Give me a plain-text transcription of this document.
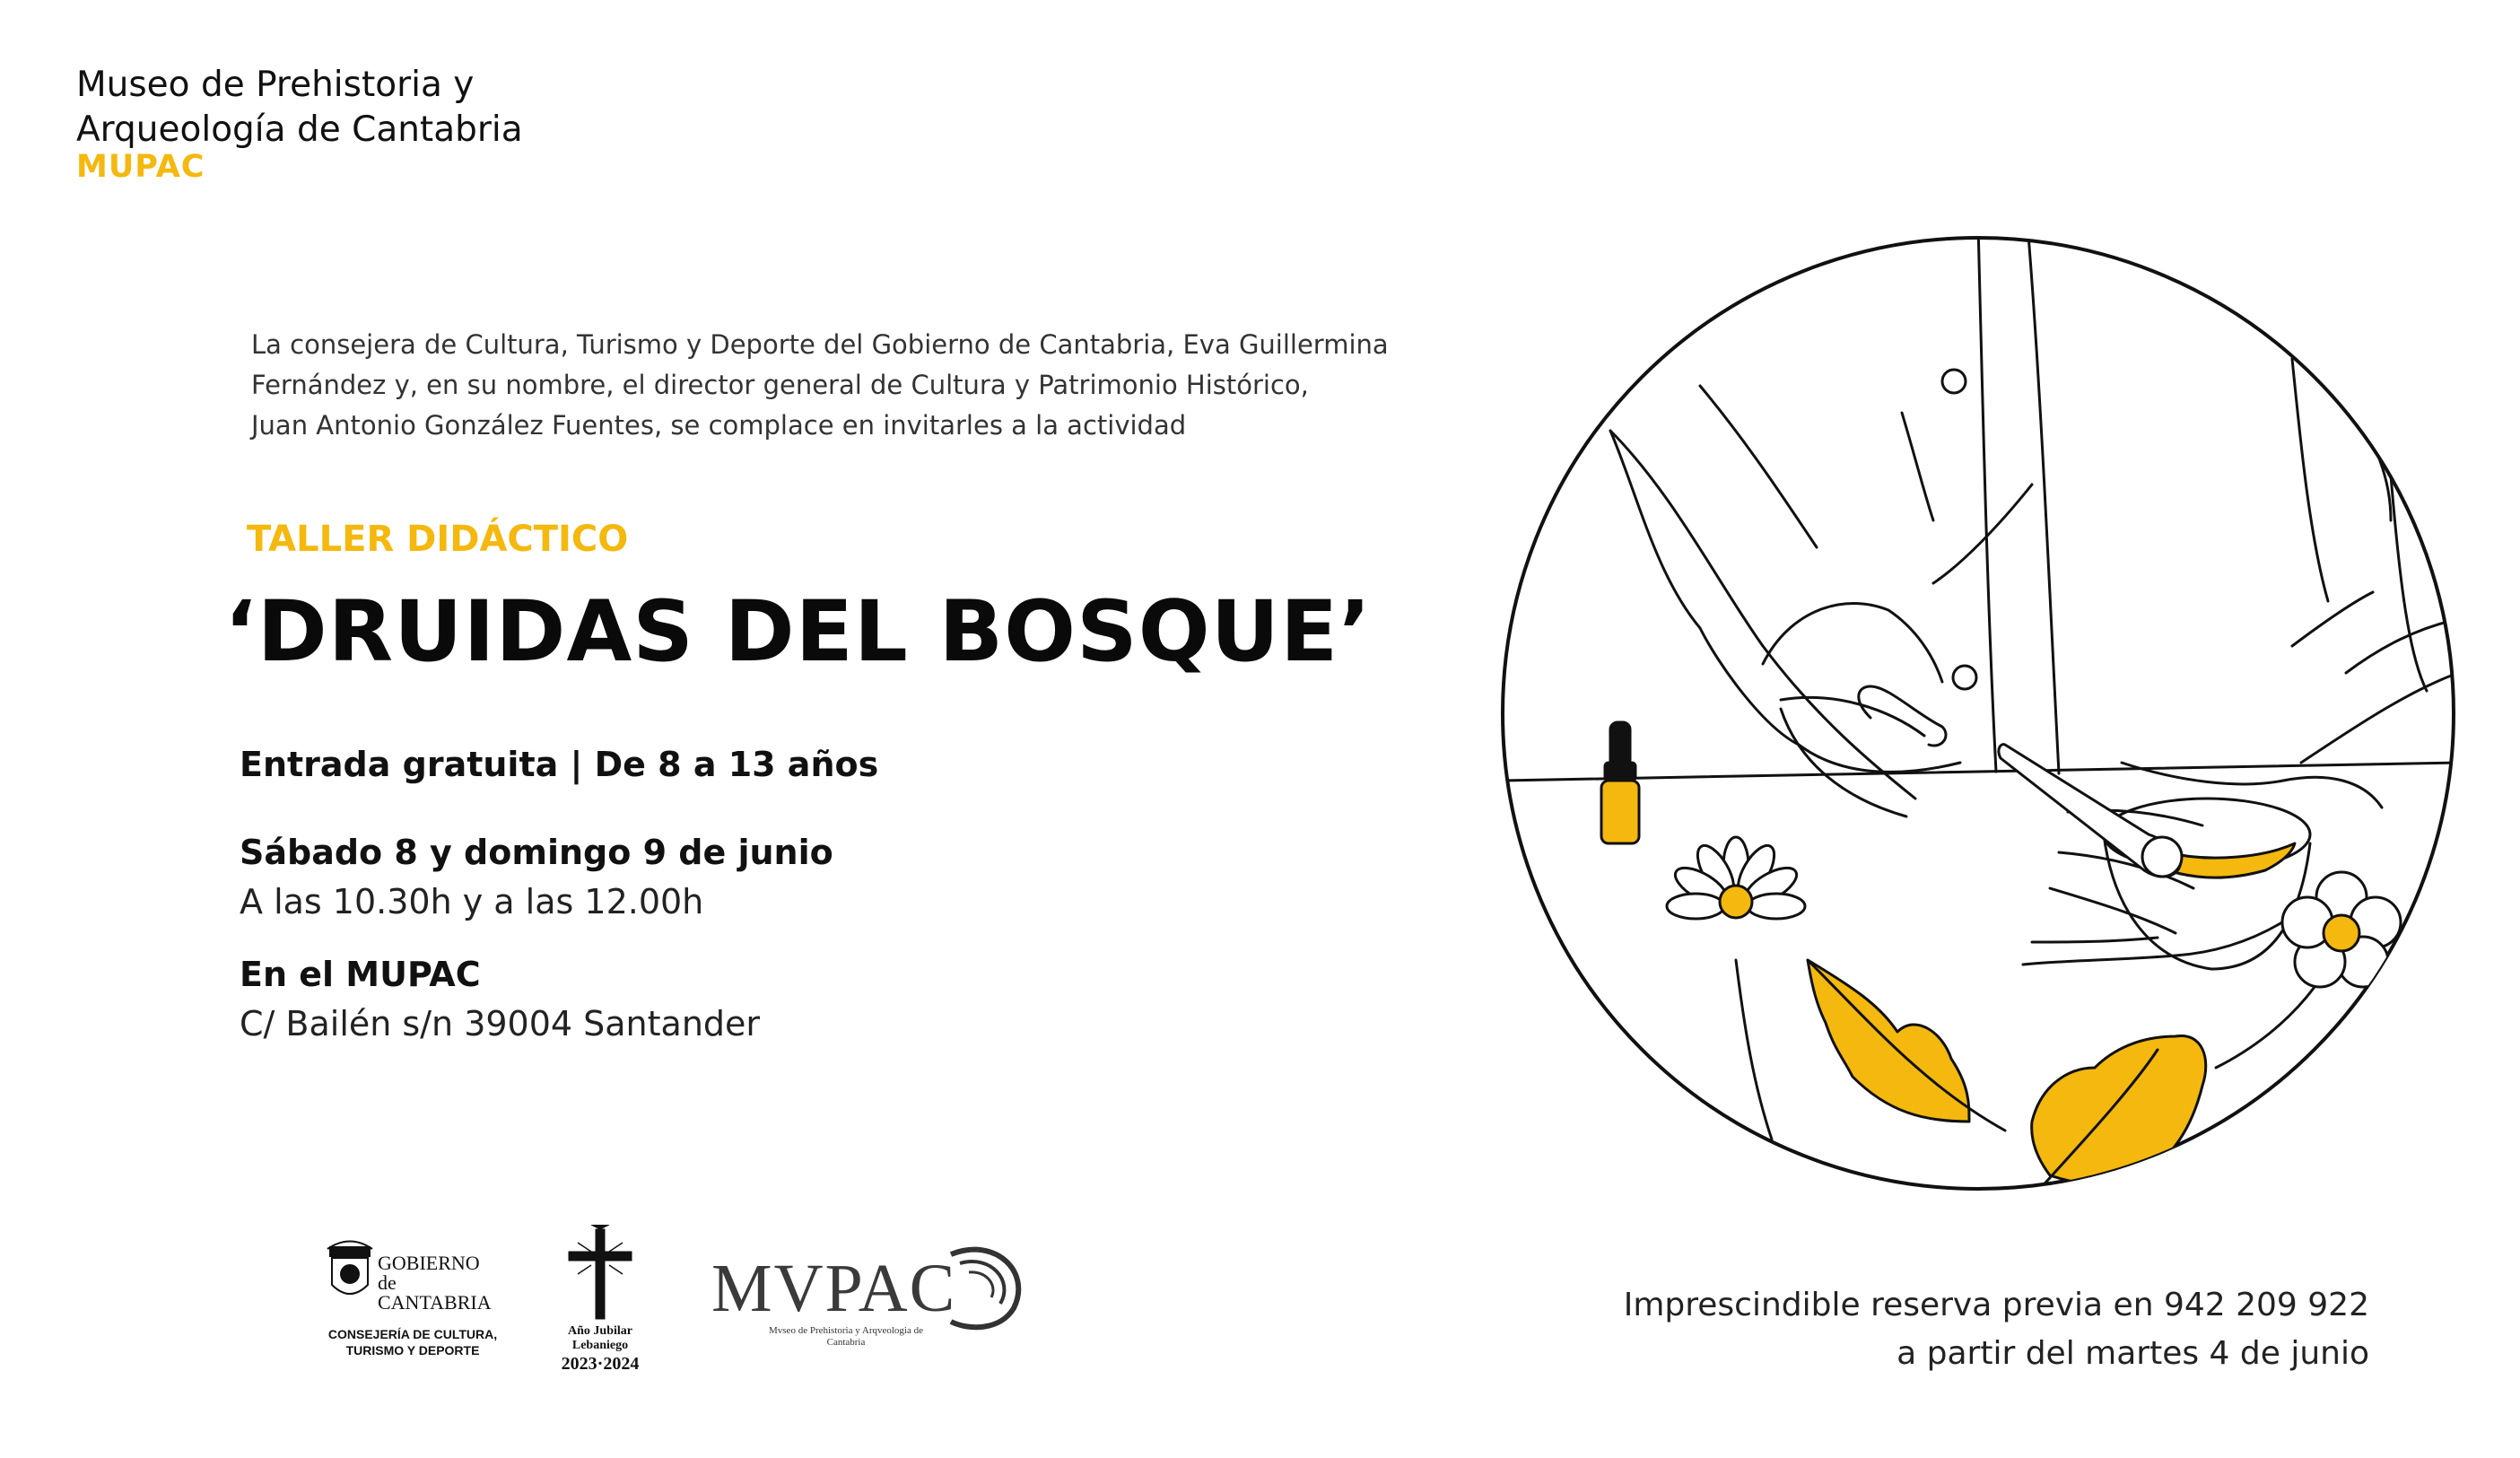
Museo de Prehistoria y
Arqueología de Cantabria
MUPAC
La consejera de Cultura, Turismo y Deporte del Gobierno de Cantabria, Eva Guillermina
Fernández y, en su nombre, el director general de Cultura y Patrimonio Histórico,
Juan Antonio González Fuentes, se complace en invitarles a la actividad
TALLER DIDÁCTICO
‘DRUIDAS DEL BOSQUE’
Entrada gratuita | De 8 a 13 años
Sábado 8 y domingo 9 de junio
A las 10.30h y a las 12.00h
En el MUPAC
C/ Bailén s/n 39004 Santander
Imprescindible reserva previa en 942 209 922
a partir del martes 4 de junio
GOBIERNO
de
CANTABRIA
CONSEJERÍA DE CULTURA,
TURISMO Y DEPORTE
Año Jubilar
Lebaniego
2023·2024
MVPAC
Mvseo de Prehistoria y Arqveologia de
Cantabria
